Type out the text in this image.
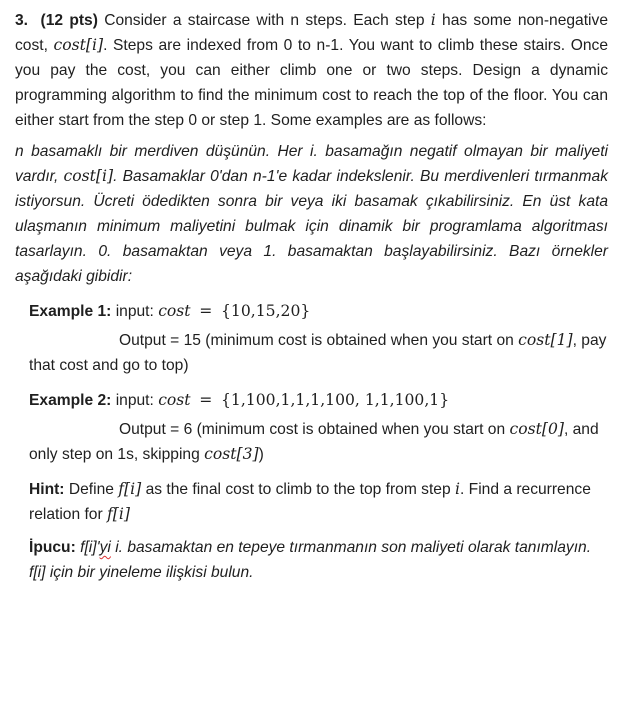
3. (12 pts) Consider a staircase with n steps. Each step i has some non-negative cost, cost[i]. Steps are indexed from 0 to n-1. You want to climb these stairs. Once you pay the cost, you can either climb one or two steps. Design a dynamic programming algorithm to find the minimum cost to reach the top of the floor. You can either start from the step 0 or step 1. Some examples are as follows:

n basamaklı bir merdiven düşünün. Her i. basamağın negatif olmayan bir maliyeti vardır, cost[i]. Basamaklar 0'dan n-1'e kadar indekslenir. Bu merdivenleri tırmanmak istiyorsun. Ücreti ödedikten sonra bir veya iki basamak çıkabilirsiniz. En üst kata ulaşmanın minimum maliyetini bulmak için dinamik bir programlama algoritması tasarlayın. 0. basamaktan veya 1. basamaktan başlayabilirsiniz. Bazı örnekler aşağıdaki gibidir:

Example 1: input: cost = {10,15,20}

Output = 15 (minimum cost is obtained when you start on cost[1], pay that cost and go to top)

Example 2: input: cost = {1,100,1,1,1,100, 1,1,100,1}

Output = 6 (minimum cost is obtained when you start on cost[0], and only step on 1s, skipping cost[3])

Hint: Define f[i] as the final cost to climb to the top from step i. Find a recurrence relation for f[i]

İpucu: f[i]'yi i. basamaktan en tepeye tırmanmanın son maliyeti olarak tanımlayın. f[i] için bir yineleme ilişkisi bulun.
